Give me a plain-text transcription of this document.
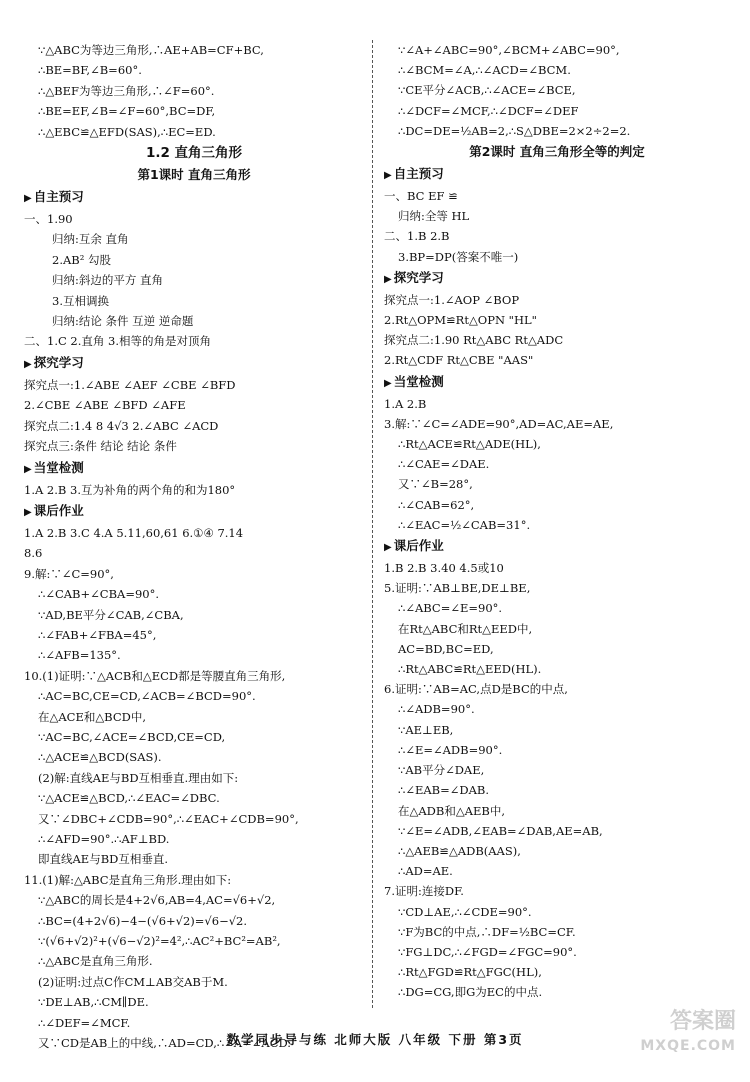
∵△ABC为等边三角形,∴AE+AB=CF+BC,
∴BE=BF,∠B=60°.
∴△BEF为等边三角形,∴∠F=60°.
∴BE=EF,∠B=∠F=60°,BC=DF,
∴△EBC≌△EFD(SAS),∴EC=ED.
1.2 直角三角形
第1课时 直角三角形
▶ 自主预习
一、1.90
归纳:互余 直角
2.AB² 勾股
归纳:斜边的平方 直角
3.互相调换
归纳:结论 条件 互逆 逆命题
二、1.C 2.直角 3.相等的角是对顶角
▶ 探究学习
探究点一:1.∠ABE ∠AEF ∠CBE ∠BFD
2.∠CBE ∠ABE ∠BFD ∠AFE
探究点二:1.4 8 4√3 2.∠ABC ∠ACD
探究点三:条件 结论 结论 条件
▶ 当堂检测
1.A 2.B 3.互为补角的两个角的和为180°
▶ 课后作业
1.A 2.B 3.C 4.A 5.11,60,61 6.①④ 7.14
8.6
9.解:∵∠C=90°,
∴∠CAB+∠CBA=90°.
∵AD,BE平分∠CAB,∠CBA,
∴∠FAB+∠FBA=45°,
∴∠AFB=135°.
10.(1)证明:∵△ACB和△ECD都是等腰直角三角形,
∴AC=BC,CE=CD,∠ACB=∠BCD=90°.
在△ACE和△BCD中,
∵AC=BC,∠ACE=∠BCD,CE=CD,
∴△ACE≌△BCD(SAS).
(2)解:直线AE与BD互相垂直.理由如下:
∵△ACE≌△BCD,∴∠EAC=∠DBC.
又∵∠DBC+∠CDB=90°,∴∠EAC+∠CDB=90°,
∴∠AFD=90°.∴AF⊥BD.
即直线AE与BD互相垂直.
11.(1)解:△ABC是直角三角形.理由如下:
∵△ABC的周长是4+2√6,AB=4,AC=√6+√2,
∴BC=(4+2√6)−4−(√6+√2)=√6−√2.
∵(√6+√2)²+(√6−√2)²=4²,∴AC²+BC²=AB²,
∴△ABC是直角三角形.
(2)证明:过点C作CM⊥AB交AB于M.
∵DE⊥AB,∴CM∥DE.
∴∠DEF=∠MCF.
又∵CD是AB上的中线,∴AD=CD,∴∠A=∠ACD.
∵∠A+∠ABC=90°,∠BCM+∠ABC=90°,
∴∠BCM=∠A,∴∠ACD=∠BCM.
∵CE平分∠ACB,∴∠ACE=∠BCE,
∴∠DCF=∠MCF,∴∠DCF=∠DEF
∴DC=DE=½AB=2,∴S△DBE=2×2÷2=2.
第2课时 直角三角形全等的判定
▶ 自主预习
一、BC EF ≌
归纳:全等 HL
二、1.B 2.B
3.BP=DP(答案不唯一)
▶ 探究学习
探究点一:1.∠AOP ∠BOP
2.Rt△OPM≌Rt△OPN "HL"
探究点二:1.90 Rt△ABC Rt△ADC
2.Rt△CDF Rt△CBE "AAS"
▶ 当堂检测
1.A 2.B
3.解:∵∠C=∠ADE=90°,AD=AC,AE=AE,
∴Rt△ACE≌Rt△ADE(HL),
∴∠CAE=∠DAE.
又∵∠B=28°,
∴∠CAB=62°,
∴∠EAC=½∠CAB=31°.
▶ 课后作业
1.B 2.B 3.40 4.5或10
5.证明:∵AB⊥BE,DE⊥BE,
∴∠ABC=∠E=90°.
在Rt△ABC和Rt△EED中,
AC=BD,BC=ED,
∴Rt△ABC≌Rt△EED(HL).
6.证明:∵AB=AC,点D是BC的中点,
∴∠ADB=90°.
∵AE⊥EB,
∴∠E=∠ADB=90°.
∵AB平分∠DAE,
∴∠EAB=∠DAB.
在△ADB和△AEB中,
∵∠E=∠ADB,∠EAB=∠DAB,AE=AB,
∴△AEB≌△ADB(AAS),
∴AD=AE.
7.证明:连接DF.
∵CD⊥AE,∴∠CDE=90°.
∵F为BC的中点,∴DF=½BC=CF.
∵FG⊥DC,∴∠FGD=∠FGC=90°.
∴Rt△FGD≌Rt△FGC(HL),
∴DG=CG,即G为EC的中点.
数学同步导与练 北师大版 八年级 下册 第3页
答案圈
MXQE.COM
